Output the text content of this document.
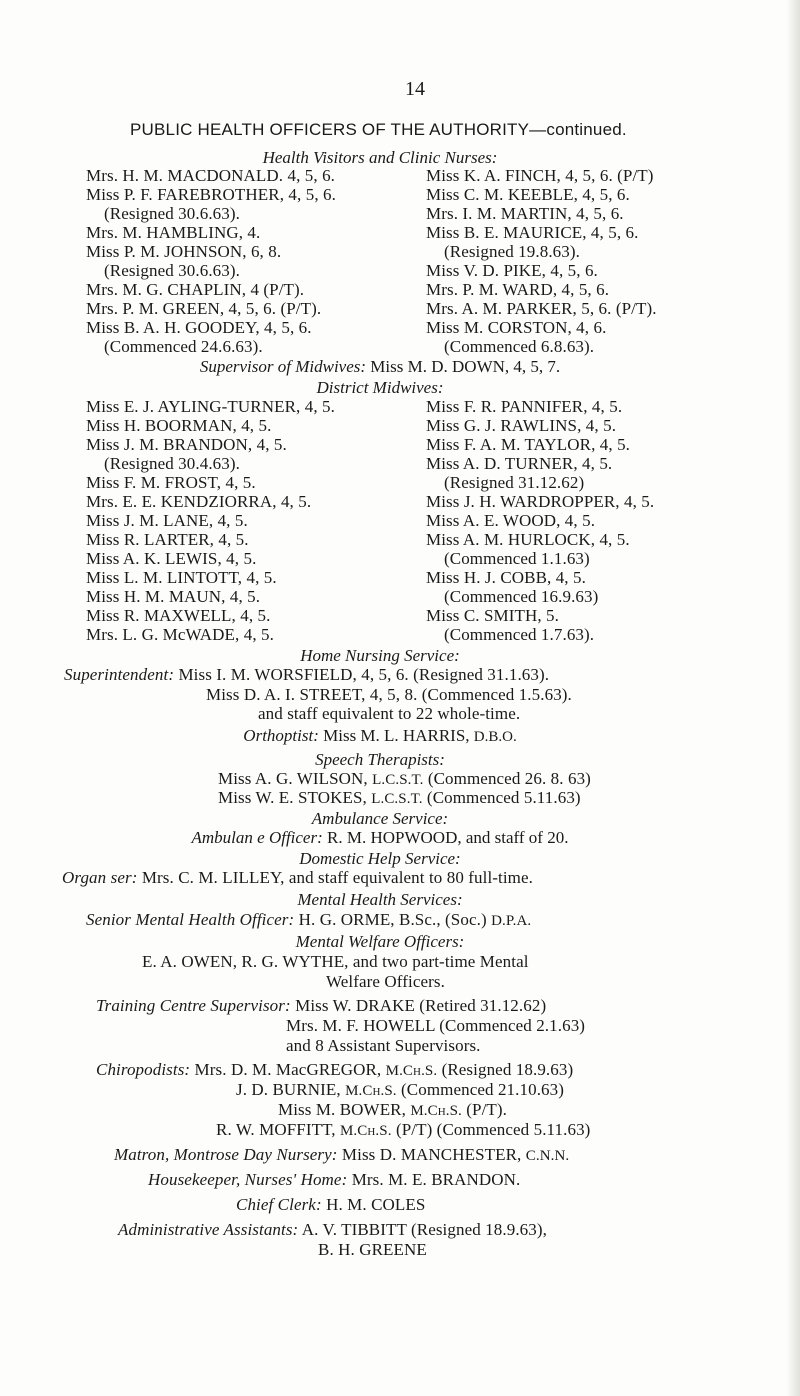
14
PUBLIC HEALTH OFFICERS OF THE AUTHORITY—continued.
Health Visitors and Clinic Nurses:
Mrs. H. M. MACDONALD. 4, 5, 6.
Miss P. F. FAREBROTHER, 4, 5, 6.
(Resigned 30.6.63).
Mrs. M. HAMBLING, 4.
Miss P. M. JOHNSON, 6, 8.
(Resigned 30.6.63).
Mrs. M. G. CHAPLIN, 4 (P/T).
Mrs. P. M. GREEN, 4, 5, 6. (P/T).
Miss B. A. H. GOODEY, 4, 5, 6.
(Commenced 24.6.63).
Miss K. A. FINCH, 4, 5, 6. (P/T)
Miss C. M. KEEBLE, 4, 5, 6.
Mrs. I. M. MARTIN, 4, 5, 6.
Miss B. E. MAURICE, 4, 5, 6.
(Resigned 19.8.63).
Miss V. D. PIKE, 4, 5, 6.
Mrs. P. M. WARD, 4, 5, 6.
Mrs. A. M. PARKER, 5, 6. (P/T).
Miss M. CORSTON, 4, 6.
(Commenced 6.8.63).
Supervisor of Midwives: Miss M. D. DOWN, 4, 5, 7.
District Midwives:
Miss E. J. AYLING-TURNER, 4, 5.
Miss H. BOORMAN, 4, 5.
Miss J. M. BRANDON, 4, 5.
(Resigned 30.4.63).
Miss F. M. FROST, 4, 5.
Mrs. E. E. KENDZIORRA, 4, 5.
Miss J. M. LANE, 4, 5.
Miss R. LARTER, 4, 5.
Miss A. K. LEWIS, 4, 5.
Miss L. M. LINTOTT, 4, 5.
Miss H. M. MAUN, 4, 5.
Miss R. MAXWELL, 4, 5.
Mrs. L. G. McWADE, 4, 5.
Miss F. R. PANNIFER, 4, 5.
Miss G. J. RAWLINS, 4, 5.
Miss F. A. M. TAYLOR, 4, 5.
Miss A. D. TURNER, 4, 5.
(Resigned 31.12.62)
Miss J. H. WARDROPPER, 4, 5.
Miss A. E. WOOD, 4, 5.
Miss A. M. HURLOCK, 4, 5.
(Commenced 1.1.63)
Miss H. J. COBB, 4, 5.
(Commenced 16.9.63)
Miss C. SMITH, 5.
(Commenced 1.7.63).
Home Nursing Service:
Superintendent: Miss I. M. WORSFIELD, 4, 5, 6. (Resigned 31.1.63).
Miss D. A. I. STREET, 4, 5, 8. (Commenced 1.5.63).
and staff equivalent to 22 whole-time.
Orthoptist: Miss M. L. HARRIS, D.B.O.
Speech Therapists:
Miss A. G. WILSON, L.C.S.T. (Commenced 26. 8. 63)
Miss W. E. STOKES, L.C.S.T. (Commenced 5.11.63)
Ambulance Service:
Ambulan e Officer: R. M. HOPWOOD, and staff of 20.
Domestic Help Service:
Organ ser: Mrs. C. M. LILLEY, and staff equivalent to 80 full-time.
Mental Health Services:
Senior Mental Health Officer: H. G. ORME, B.Sc., (Soc.) D.P.A.
Mental Welfare Officers:
E. A. OWEN, R. G. WYTHE, and two part-time Mental
Welfare Officers.
Training Centre Supervisor: Miss W. DRAKE (Retired 31.12.62)
Mrs. M. F. HOWELL (Commenced 2.1.63)
and 8 Assistant Supervisors.
Chiropodists: Mrs. D. M. MacGREGOR, M.Ch.S. (Resigned 18.9.63)
J. D. BURNIE, M.Ch.S. (Commenced 21.10.63)
Miss M. BOWER, M.Ch.S. (P/T).
R. W. MOFFITT, M.Ch.S. (P/T) (Commenced 5.11.63)
Matron, Montrose Day Nursery: Miss D. MANCHESTER, C.N.N.
Housekeeper, Nurses' Home: Mrs. M. E. BRANDON.
Chief Clerk: H. M. COLES
Administrative Assistants: A. V. TIBBITT (Resigned 18.9.63),
B. H. GREENE
